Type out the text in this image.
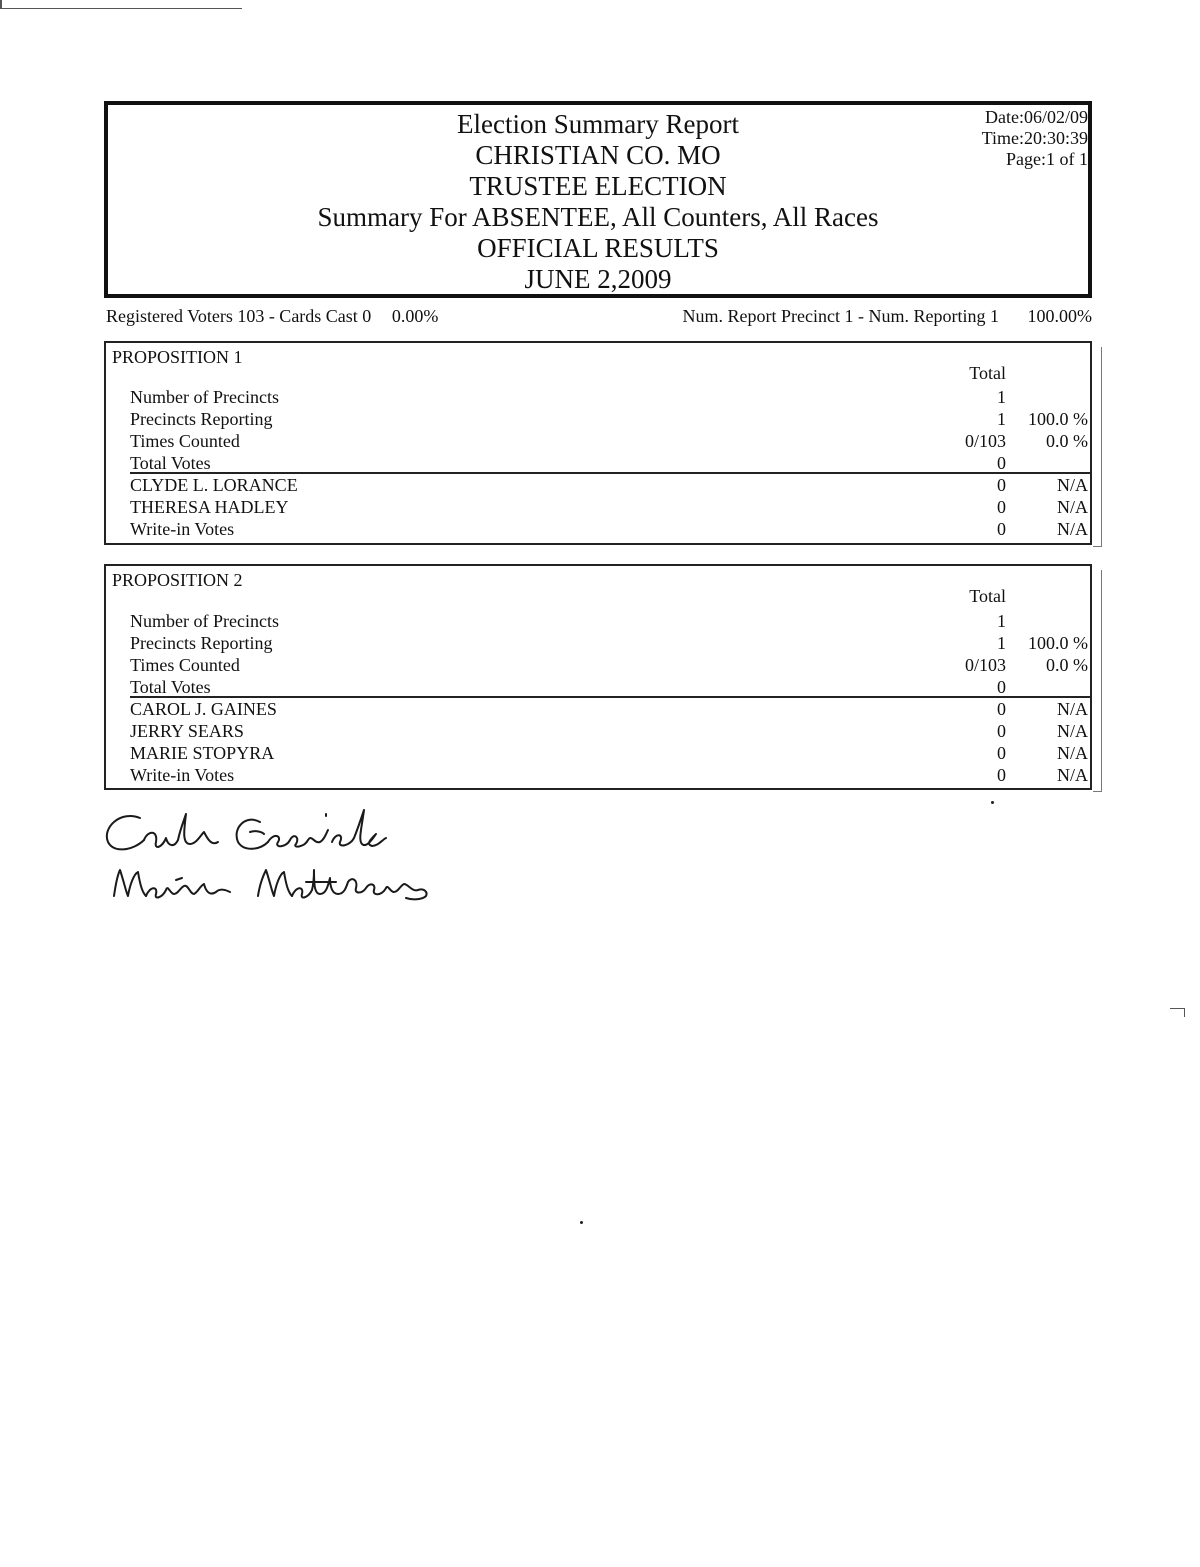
Election Summary Report
CHRISTIAN CO. MO
TRUSTEE ELECTION
Summary For ABSENTEE, All Counters, All Races
OFFICIAL RESULTS
JUNE 2,2009
Date:06/02/09
Time:20:30:39
Page:1 of 1
Registered Voters 103 - Cards Cast 0 0.00%	Num. Report Precinct 1 - Num. Reporting 1 100.00%
PROPOSITION 1
Total
Number of Precincts	1
Precincts Reporting	1 100.0 %
Times Counted	0/103 0.0 %
Total Votes	0
CLYDE L. LORANCE	0	N/A
THERESA HADLEY	0	N/A
Write-in Votes	0	N/A
PROPOSITION 2
Total
Number of Precincts	1
Precincts Reporting	1 100.0 %
Times Counted	0/103 0.0 %
Total Votes	0
CAROL J. GAINES	0	N/A
JERRY SEARS	0	N/A
MARIE STOPYRA	0	N/A
Write-in Votes	0	N/A
